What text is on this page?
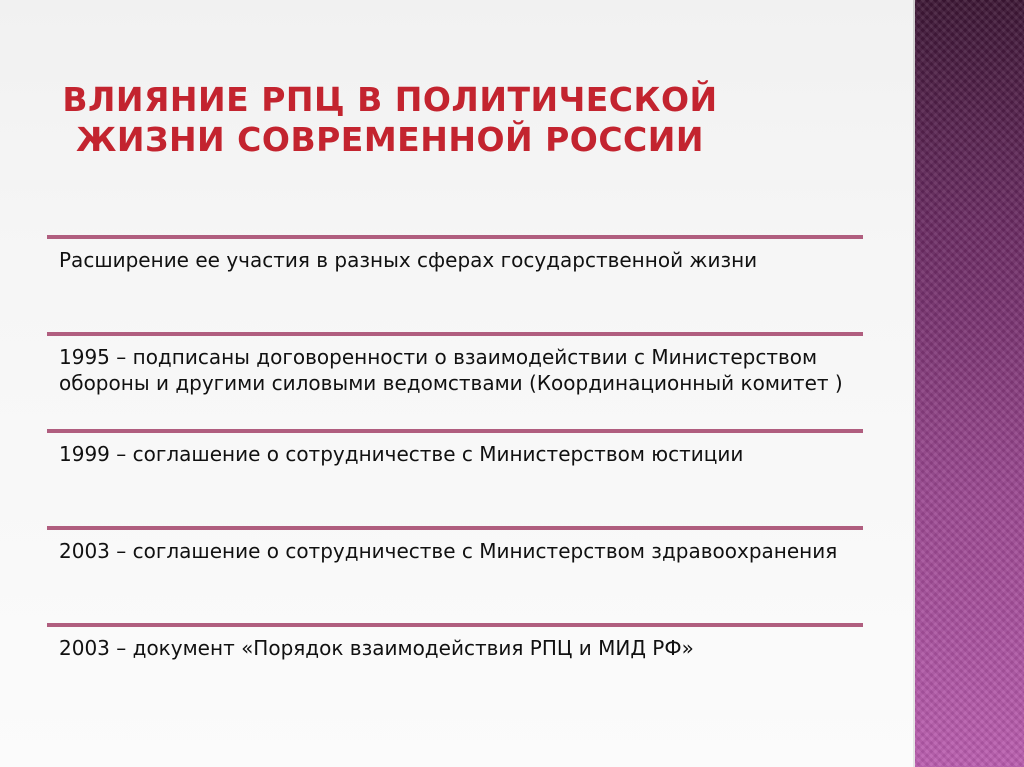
ВЛИЯНИЕ РПЦ В ПОЛИТИЧЕСКОЙ
ЖИЗНИ СОВРЕМЕННОЙ РОССИИ
Расширение ее участия в разных сферах государственной жизни
1995 – подписаны договоренности о взаимодействии с Министерством обороны и другими силовыми ведомствами (Координационный комитет )
1999 – соглашение о сотрудничестве с Министерством юстиции
2003 – соглашение о сотрудничестве с Министерством здравоохранения
2003 – документ «Порядок взаимодействия РПЦ и МИД РФ»
